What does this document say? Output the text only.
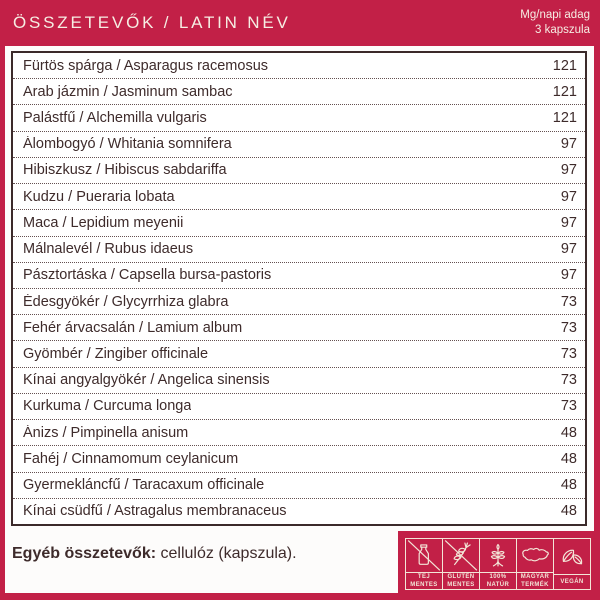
ÖSSZETEVŐK / LATIN NÉV	Mg/napi adag
3 kapszula
Fürtös spárga / Asparagus racemosus	121
Arab jázmin / Jasminum sambac	121
Palástfű / Alchemilla vulgaris	121
Álombogyó / Whitania somnifera	97
Hibiszkusz / Hibiscus sabdariffa	97
Kudzu / Pueraria lobata	97
Maca / Lepidium meyenii	97
Málnalevél / Rubus idaeus	97
Pásztortáska / Capsella bursa-pastoris	97
Édesgyökér / Glycyrrhiza glabra	73
Fehér árvacsalán / Lamium album	73
Gyömbér / Zingiber officinale	73
Kínai angyalgyökér / Angelica sinensis	73
Kurkuma / Curcuma longa	73
Ánizs / Pimpinella anisum	48
Fahéj / Cinnamomum ceylanicum	48
Gyermekláncfű / Taracaxum officinale	48
Kínai csüdfű / Astragalus membranaceus	48
Egyéb összetevők: cellulóz (kapszula).
TEJ
MENTES
GLUTÉN
MENTES
100%
NATÚR
MAGYAR
TERMÉK VEGÁN
